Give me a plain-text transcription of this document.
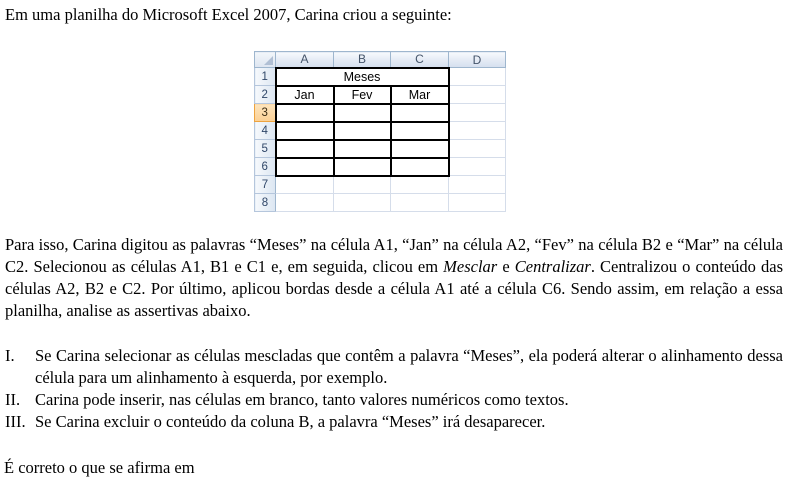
Em uma planilha do Microsoft Excel 2007, Carina criou a seguinte:
	A	B	C	D
1	Meses			
2	Jan	Fev	Mar	
3				
4				
5				
6				
7				
8				
Para isso, Carina digitou as palavras “Meses” na célula A1, “Jan” na célula A2, “Fev” na célula B2 e “Mar” na célula C2. Selecionou as células A1, B1 e C1 e, em seguida, clicou em Mesclar e Centralizar. Centralizou o conteúdo das células A2, B2 e C2. Por último, aplicou bordas desde a célula A1 até a célula C6. Sendo assim, em relação a essa planilha, analise as assertivas abaixo.
I.	Se Carina selecionar as células mescladas que contêm a palavra “Meses”, ela poderá alterar o alinhamento dessa célula para um alinhamento à esquerda, por exemplo.
II. Carina pode inserir, nas células em branco, tanto valores numéricos como textos.
III. Se Carina excluir o conteúdo da coluna B, a palavra “Meses” irá desaparecer.
É correto o que se afirma em
